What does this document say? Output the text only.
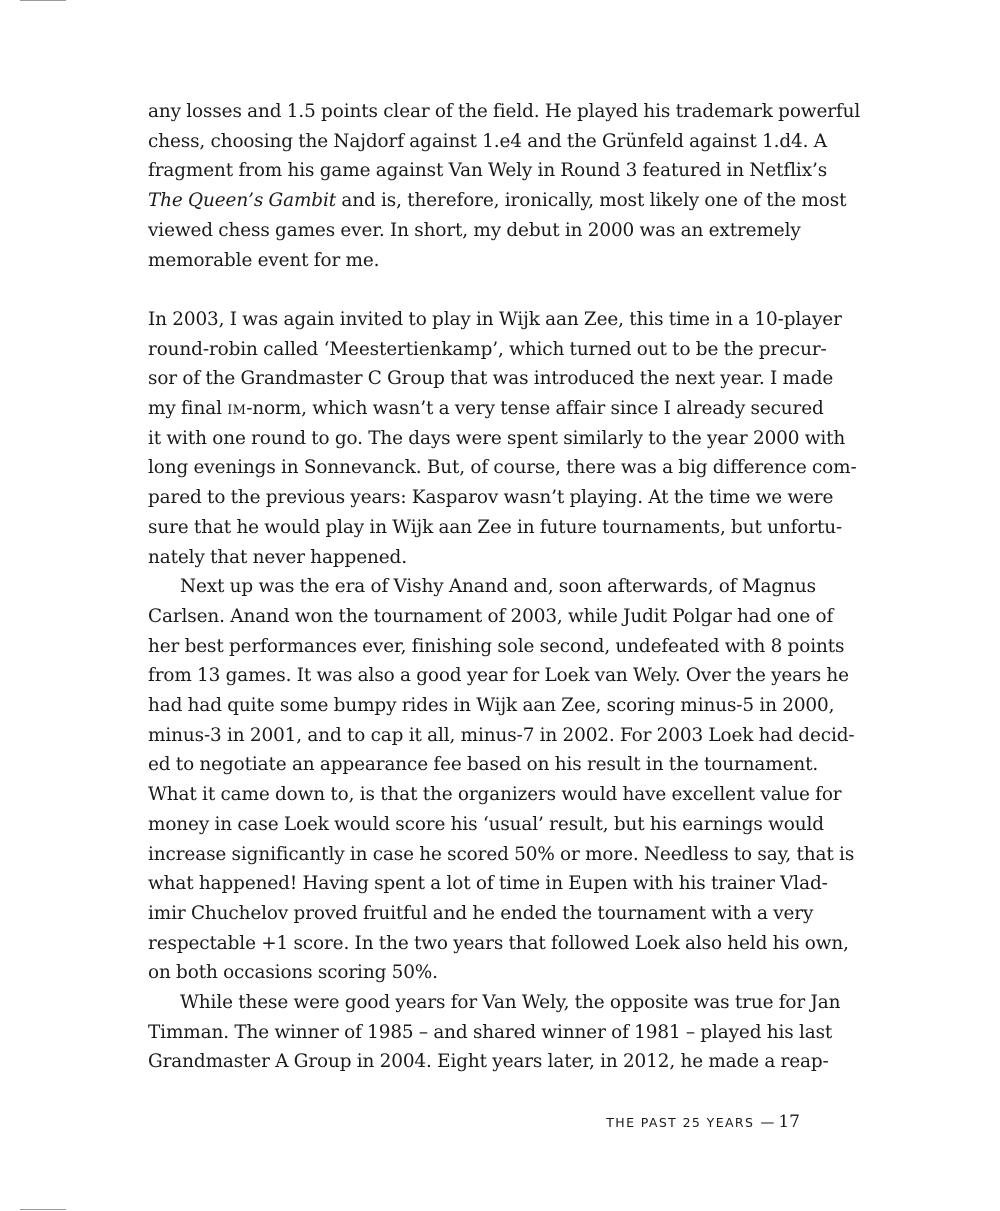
any losses and 1.5 points clear of the field. He played his trademark powerful
chess, choosing the Najdorf against 1.e4 and the Grünfeld against 1.d4. A
fragment from his game against Van Wely in Round 3 featured in Netflix’s
The Queen’s Gambit and is, therefore, ironically, most likely one of the most
viewed chess games ever. In short, my debut in 2000 was an extremely
memorable event for me.

In 2003, I was again invited to play in Wijk aan Zee, this time in a 10-player
round-robin called ‘Meestertienkamp’, which turned out to be the precur-
sor of the Grandmaster C Group that was introduced the next year. I made
my final im-norm, which wasn’t a very tense affair since I already secured
it with one round to go. The days were spent similarly to the year 2000 with
long evenings in Sonnevanck. But, of course, there was a big difference com-
pared to the previous years: Kasparov wasn’t playing. At the time we were
sure that he would play in Wijk aan Zee in future tournaments, but unfortu-
nately that never happened.

Next up was the era of Vishy Anand and, soon afterwards, of Magnus
Carlsen. Anand won the tournament of 2003, while Judit Polgar had one of
her best performances ever, finishing sole second, undefeated with 8 points
from 13 games. It was also a good year for Loek van Wely. Over the years he
had had quite some bumpy rides in Wijk aan Zee, scoring minus-5 in 2000,
minus-3 in 2001, and to cap it all, minus-7 in 2002. For 2003 Loek had decid-
ed to negotiate an appearance fee based on his result in the tournament.
What it came down to, is that the organizers would have excellent value for
money in case Loek would score his ‘usual’ result, but his earnings would
increase significantly in case he scored 50% or more. Needless to say, that is
what happened! Having spent a lot of time in Eupen with his trainer Vlad-
imir Chuchelov proved fruitful and he ended the tournament with a very
respectable +1 score. In the two years that followed Loek also held his own,
on both occasions scoring 50%.

While these were good years for Van Wely, the opposite was true for Jan
Timman. The winner of 1985 – and shared winner of 1981 – played his last
Grandmaster A Group in 2004. Eight years later, in 2012, he made a reap-

THE PAST 25 YEARS — 17
